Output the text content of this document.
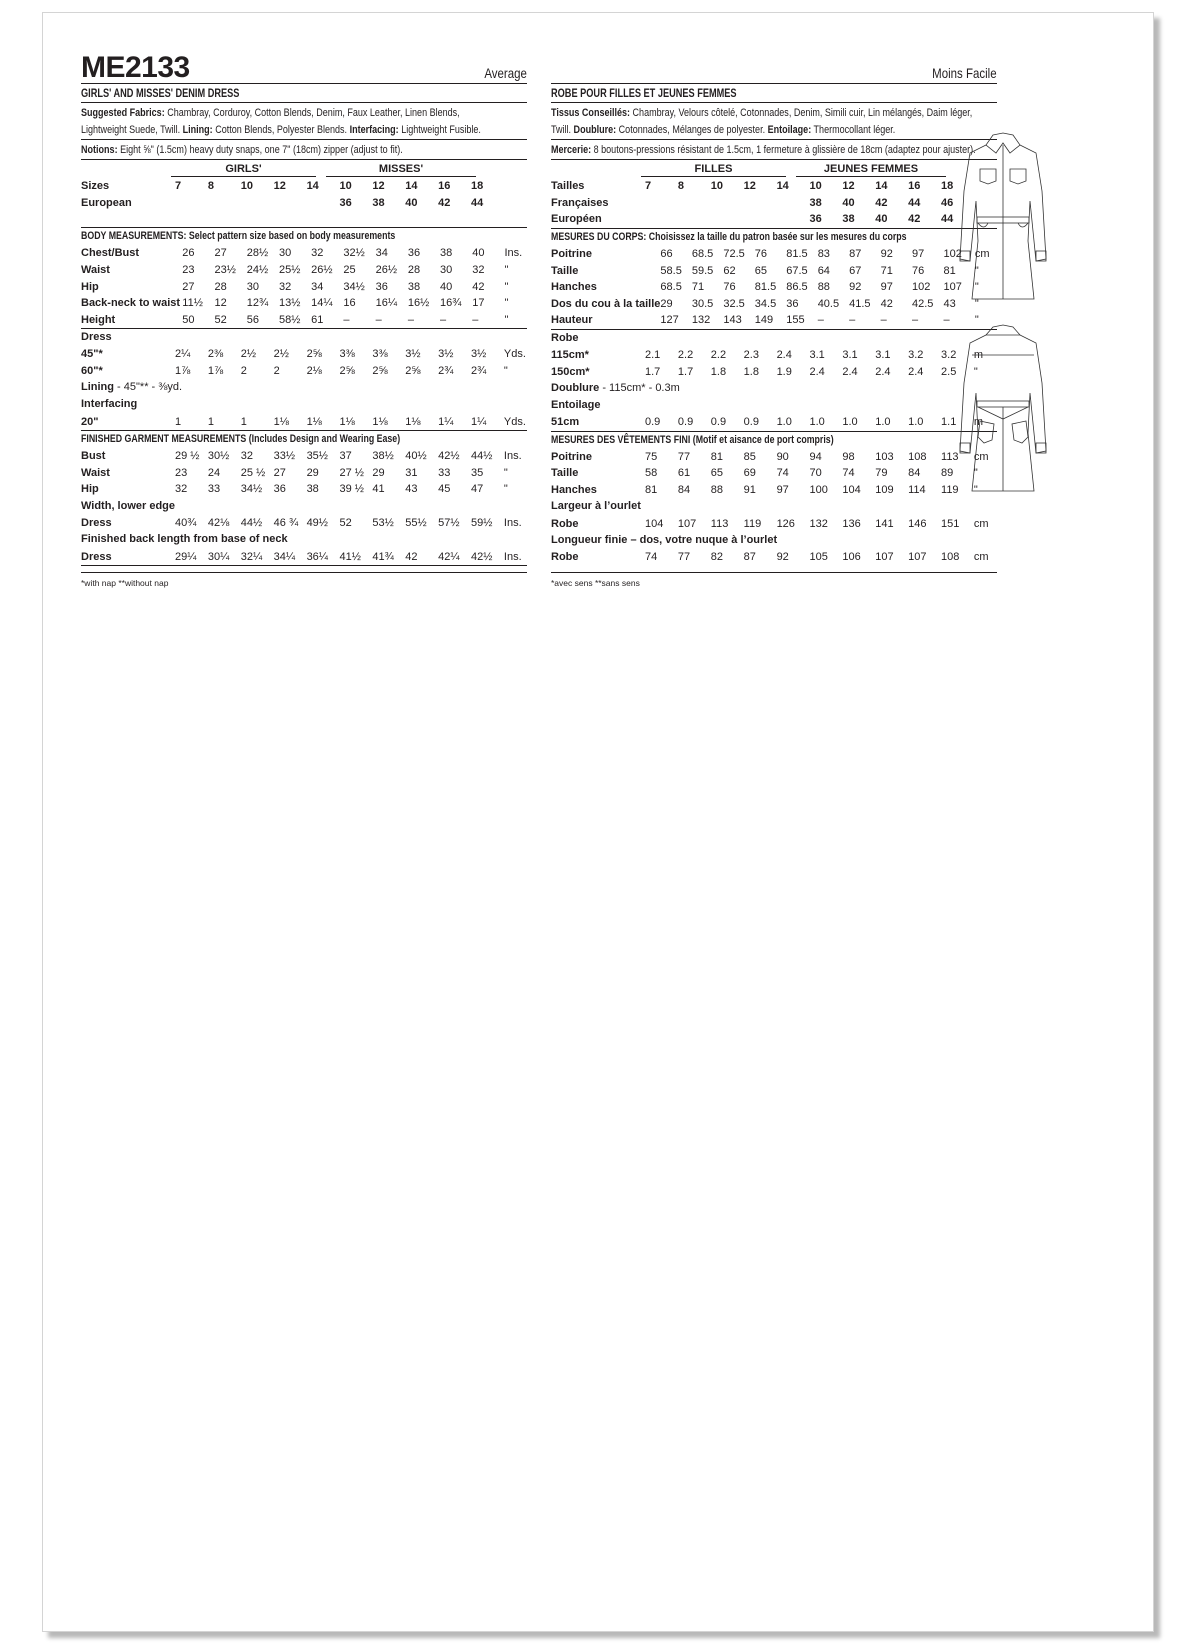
ME2133	Average
GIRLS' AND MISSES' DENIM DRESS
Suggested Fabrics: Chambray, Corduroy, Cotton Blends, Denim, Faux Leather, Linen Blends,
Lightweight Suede, Twill. Lining: Cotton Blends, Polyester Blends. Interfacing: Lightweight Fusible.
Notions: Eight ⅝" (1.5cm) heavy duty snaps, one 7" (18cm) zipper (adjust to fit).
GIRLS'	MISSES'
Sizes	7	8	10	12	14	10	12	14	16	18	
European						36	38	40	42	44	
BODY MEASUREMENTS: Select pattern size based on body measurements
Chest/Bust	26	27	28½	30	32	32½	34	36	38	40	Ins.
Waist	23	23½	24½	25½	26½	25	26½	28	30	32	"
Hip	27	28	30	32	34	34½	36	38	40	42	"
Back-neck to waist	11½	12	12¾	13½	14¼	16	16¼	16½	16¾	17	"
Height	50	52	56	58½	61	–	–	–	–	–	"
Dress
45"*	2¼	2⅜	2½	2½	2⅝	3⅜	3⅜	3½	3½	3½	Yds.
60"*	1⅞	1⅞	2	2	2⅛	2⅝	2⅝	2⅝	2¾	2¾	"
Lining - 45"** - ⅜yd.
Interfacing
20"	1	1	1	1⅛	1⅛	1⅛	1⅛	1⅛	1¼	1¼	Yds.
FINISHED GARMENT MEASUREMENTS (Includes Design and Wearing Ease)
Bust	29 ½	30½	32	33½	35½	37	38½	40½	42½	44½	Ins.
Waist	23	24	25 ½	27	29	27 ½	29	31	33	35	"
Hip	32	33	34½	36	38	39 ½	41	43	45	47	"
Width, lower edge
Dress	40¾	42⅛	44½	46 ¾	49½	52	53½	55½	57½	59½	Ins.
Finished back length from base of neck
Dress	29¼	30¼	32¼	34¼	36¼	41½	41¾	42	42¼	42½	Ins.
*with nap **without nap
Moins Facile
ROBE POUR FILLES ET JEUNES FEMMES
Tissus Conseillés: Chambray, Velours côtelé, Cotonnades, Denim, Simili cuir, Lin mélangés, Daim léger,
Twill. Doublure: Cotonnades, Mélanges de polyester. Entoilage: Thermocollant léger.
Mercerie: 8 boutons-pressions résistant de 1.5cm, 1 fermeture à glissière de 18cm (adaptez pour ajuster).
FILLES	JEUNES FEMMES
Tailles	7	8	10	12	14	10	12	14	16	18	
Françaises						38	40	42	44	46	
Européen						36	38	40	42	44	
MESURES DU CORPS: Choisissez la taille du patron basée sur les mesures du corps
Poitrine	66	68.5	72.5	76	81.5	83	87	92	97	102	cm
Taille	58.5	59.5	62	65	67.5	64	67	71	76	81	"
Hanches	68.5	71	76	81.5	86.5	88	92	97	102	107	"
Dos du cou à la taille	29	30.5	32.5	34.5	36	40.5	41.5	42	42.5	43	"
Hauteur	127	132	143	149	155	–	–	–	–	–	"
Robe
115cm*	2.1	2.2	2.2	2.3	2.4	3.1	3.1	3.1	3.2	3.2	m
150cm*	1.7	1.7	1.8	1.8	1.9	2.4	2.4	2.4	2.4	2.5	"
Doublure - 115cm* - 0.3m
Entoilage
51cm	0.9	0.9	0.9	0.9	1.0	1.0	1.0	1.0	1.0	1.1	m
MESURES DES VÊTEMENTS FINI (Motif et aisance de port compris)
Poitrine	75	77	81	85	90	94	98	103	108	113	cm
Taille	58	61	65	69	74	70	74	79	84	89	"
Hanches	81	84	88	91	97	100	104	109	114	119	"
Largeur à l’ourlet
Robe	104	107	113	119	126	132	136	141	146	151	cm
Longueur finie – dos, votre nuque à l’ourlet
Robe	74	77	82	87	92	105	106	107	107	108	cm
*avec sens **sans sens
